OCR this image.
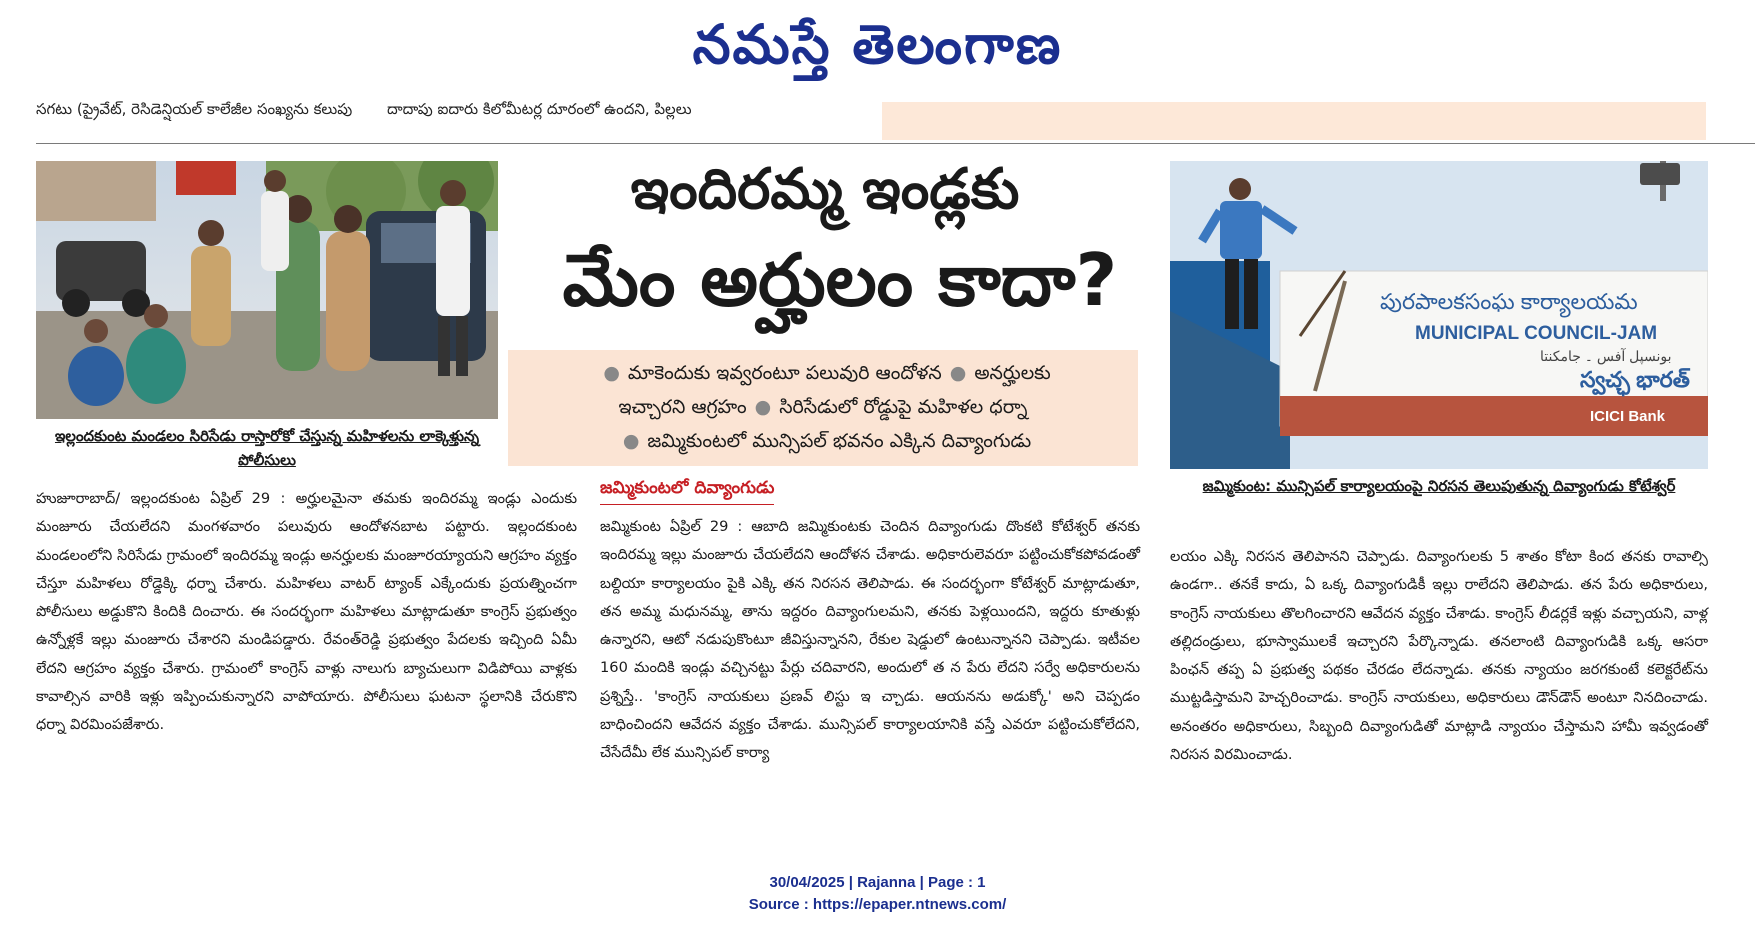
నమస్తే తెలంగాణ
సగటు (ప్రైవేట్, రెసిడెన్షియల్ కాలేజీల సంఖ్యను కలుపు దాదాపు ఐదారు కిలోమీటర్ల దూరంలో ఉందని, పిల్లలు
ఇల్లందకుంట మండలం సిరిసేడు రాస్తారోకో చేస్తున్న మహిళలను లాక్కెళ్తున్న పోలీసులు
ఇందిరమ్మ ఇండ్లకు
మేం అర్హులం కాదా?
● మాకెందుకు ఇవ్వరంటూ పలువురి ఆందోళన ● అనర్హులకు
ఇచ్చారని ఆగ్రహం ● సిరిసేడులో రోడ్డుపై మహిళల ధర్నా
● జమ్మికుంటలో మున్సిపల్ భవనం ఎక్కిన దివ్యాంగుడు
జమ్మికుంటలో దివ్యాంగుడు
పురపాలకసంఘ కార్యాలయమ
MUNICIPAL COUNCIL-JAM
بونسپل آفس ۔ جامکنتا
స్వచ్ఛ భారత్
ICICI Bank
జమ్మికుంట: మున్సిపల్ కార్యాలయంపై నిరసన తెలుపుతున్న దివ్యాంగుడు కోటేశ్వర్

హుజూరాబాద్/ ఇల్లందకుంట ఏప్రిల్ 29 : అర్హులమైనా తమకు ఇందిరమ్మ ఇండ్లు ఎందుకు మంజూరు చేయలేదని మంగళవారం పలువురు ఆందోళనబాట పట్టారు. ఇల్లందకుంట మండలంలోని సిరిసేడు గ్రామంలో ఇందిరమ్మ ఇండ్లు అనర్హులకు మంజూరయ్యాయని ఆగ్రహం వ్యక్తం చేస్తూ మహిళలు రోడ్డెక్కి ధర్నా చేశారు. మహిళలు వాటర్ ట్యాంక్ ఎక్కేందుకు ప్రయత్నించగా పోలీసులు అడ్డుకొని కిందికి దించారు. ఈ సందర్భంగా మహిళలు మాట్లాడుతూ కాంగ్రెస్ ప్రభుత్వం ఉన్నోళ్లకే ఇల్లు మంజూరు చేశారని మండిపడ్డారు. రేవంత్‌రెడ్డి ప్రభుత్వం పేదలకు ఇచ్చింది ఏమీ లేదని ఆగ్రహం వ్యక్తం చేశారు. గ్రామంలో కాంగ్రెస్ వాళ్లు నాలుగు బ్యాచులుగా విడిపోయి వాళ్లకు కావాల్సిన వారికి ఇళ్లు ఇప్పించుకున్నారని వాపోయారు. పోలీసులు ఘటనా స్థలానికి చేరుకొని ధర్నా విరమింపజేశారు.

జమ్మికుంట ఏప్రిల్ 29 : ఆబాది జమ్మికుంటకు చెందిన దివ్యాంగుడు దొంకటి కోటేశ్వర్ తనకు ఇందిరమ్మ ఇల్లు మంజూరు చేయలేదని ఆందోళన చేశాడు. అధికారులెవరూ పట్టించుకోకపోవడంతో బల్దియా కార్యాలయం పైకి ఎక్కి తన నిరసన తెలిపాడు. ఈ సందర్భంగా కోటేశ్వర్ మాట్లాడుతూ, తన అమ్మ మధునమ్మ, తాను ఇద్దరం దివ్యాంగులమని, తనకు పెళ్లయిందని, ఇద్దరు కూతుళ్లు ఉన్నారని, ఆటో నడుపుకొంటూ జీవిస్తున్నానని, రేకుల షెడ్డులో ఉంటున్నానని చెప్పాడు. ఇటీవల 160 మందికి ఇండ్లు వచ్చినట్టు పేర్లు చదివారని, అందులో త న పేరు లేదని సర్వే అధికారులను ప్రశ్నిస్తే.. 'కాంగ్రెస్ నాయకులు ప్రణవ్ లిస్టు ఇ చ్చాడు. ఆయనను అడుక్కో' అని చెప్పడం బాధించిందని ఆవేదన వ్యక్తం చేశాడు. మున్సిపల్ కార్యాలయానికి వస్తే ఎవరూ పట్టించుకోలేదని, చేసేదేమీ లేక మున్సిపల్ కార్యా

లయం ఎక్కి నిరసన తెలిపానని చెప్పాడు. దివ్యాంగులకు 5 శాతం కోటా కింద తనకు రావాల్సి ఉండగా.. తనకే కాదు, ఏ ఒక్క దివ్యాంగుడికీ ఇల్లు రాలేదని తెలిపాడు. తన పేరు అధికారులు, కాంగ్రెస్ నాయకులు తొలగించారని ఆవేదన వ్యక్తం చేశాడు. కాంగ్రెస్ లీడర్లకే ఇళ్లు వచ్చాయని, వాళ్ల తల్లిదండ్రులు, భూస్వాములకే ఇచ్చారని పేర్కొన్నాడు. తనలాంటి దివ్యాంగుడికి ఒక్క ఆసరా పింఛన్ తప్ప ఏ ప్రభుత్వ పథకం చేరడం లేదన్నాడు. తనకు న్యాయం జరగకుంటే కలెక్టరేట్‌ను ముట్టడిస్తామని హెచ్చరించాడు. కాంగ్రెస్ నాయకులు, అధికారులు డౌన్‌డౌన్ అంటూ నినదించాడు. అనంతరం అధికారులు, సిబ్బంది దివ్యాంగుడితో మాట్లాడి న్యాయం చేస్తామని హామీ ఇవ్వడంతో నిరసన విరమించాడు.

30/04/2025 | Rajanna | Page : 1
Source : https://epaper.ntnews.com/
